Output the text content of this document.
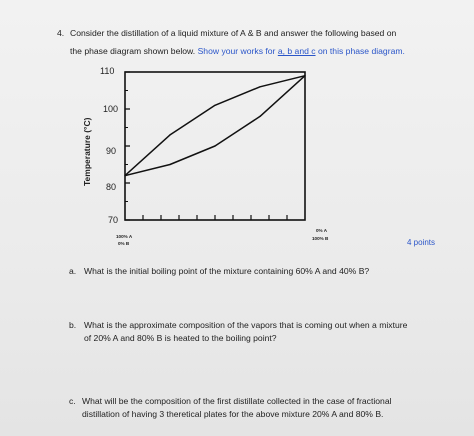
4. Consider the distillation of a liquid mixture of A & B and answer the following based on
the phase diagram shown below. Show your works for a, b and c on this phase diagram.
Temperature (°C)
110
100
90
80
70
100% A
0% B
0% A
100% B	4 points
a. What is the initial boiling point of the mixture containing 60% A and 40% B?
b. What is the approximate composition of the vapors that is coming out when a mixture
of 20% A and 80% B is heated to the boiling point?
c. What will be the composition of the first distillate collected in the case of fractional
distillation of having 3 theretical plates for the above mixture 20% A and 80% B.
